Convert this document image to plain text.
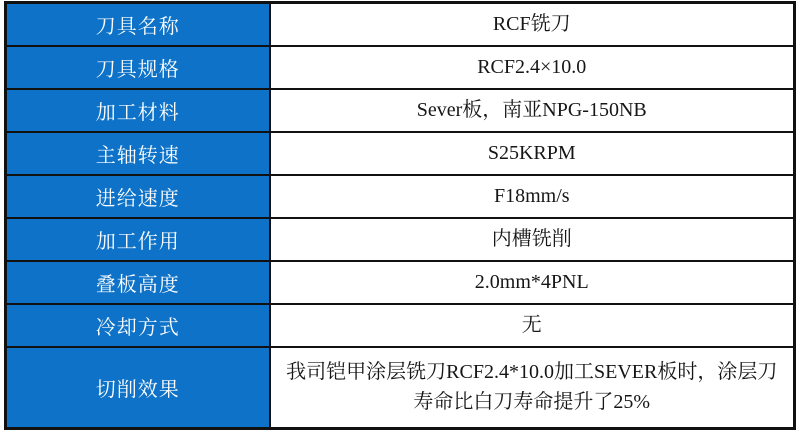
刀具名称	RCF铣刀
刀具规格	RCF2.4×10.0
加工材料	Sever板，南亚NPG-150NB
主轴转速	S25KRPM
进给速度	F18mm/s
加工作用	内槽铣削
叠板高度	2.0mm*4PNL
冷却方式	无
切削效果	我司铠甲涂层铣刀RCF2.4*10.0加工SEVER板时，涂层刀寿命比白刀寿命提升了25%
